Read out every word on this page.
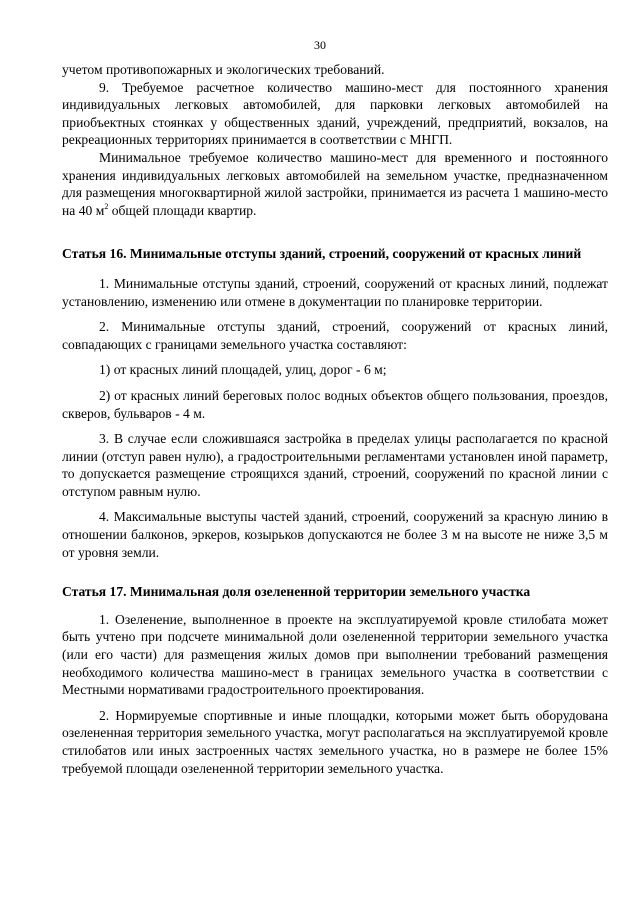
30

учетом противопожарных и экологических требований.

9. Требуемое расчетное количество машино-мест для постоянного хранения индивидуальных легковых автомобилей, для парковки легковых автомобилей на приобъектных стоянках у общественных зданий, учреждений, предприятий, вокзалов, на рекреационных территориях принимается в соответствии с МНГП.

Минимальное требуемое количество машино-мест для временного и постоянного хранения индивидуальных легковых автомобилей на земельном участке, предназначенном для размещения многоквартирной жилой застройки, принимается из расчета 1 машино-место на 40 $м^2$ общей площади квартир.

Статья 16. Минимальные отступы зданий, строений, сооружений от красных линий

1. Минимальные отступы зданий, строений, сооружений от красных линий, подлежат установлению, изменению или отмене в документации по планировке территории.

2. Минимальные отступы зданий, строений, сооружений от красных линий, совпадающих с границами земельного участка составляют:

1) от красных линий площадей, улиц, дорог - 6 м;

2) от красных линий береговых полос водных объектов общего пользования, проездов, скверов, бульваров - 4 м.

3. В случае если сложившаяся застройка в пределах улицы располагается по красной линии (отступ равен нулю), а градостроительными регламентами установлен иной параметр, то допускается размещение строящихся зданий, строений, сооружений по красной линии с отступом равным нулю.

4. Максимальные выступы частей зданий, строений, сооружений за красную линию в отношении балконов, эркеров, козырьков допускаются не более 3 м на высоте не ниже 3,5 м от уровня земли.

Статья 17. Минимальная доля озелененной территории земельного участка

1. Озеленение, выполненное в проекте на эксплуатируемой кровле стилобата может быть учтено при подсчете минимальной доли озелененной территории земельного участка (или его части) для размещения жилых домов при выполнении требований размещения необходимого количества машино-мест в границах земельного участка в соответствии с Местными нормативами градостроительного проектирования.

2. Нормируемые спортивные и иные площадки, которыми может быть оборудована озелененная территория земельного участка, могут располагаться на эксплуатируемой кровле стилобатов или иных застроенных частях земельного участка, но в размере не более 15% требуемой площади озелененной территории земельного участка.
